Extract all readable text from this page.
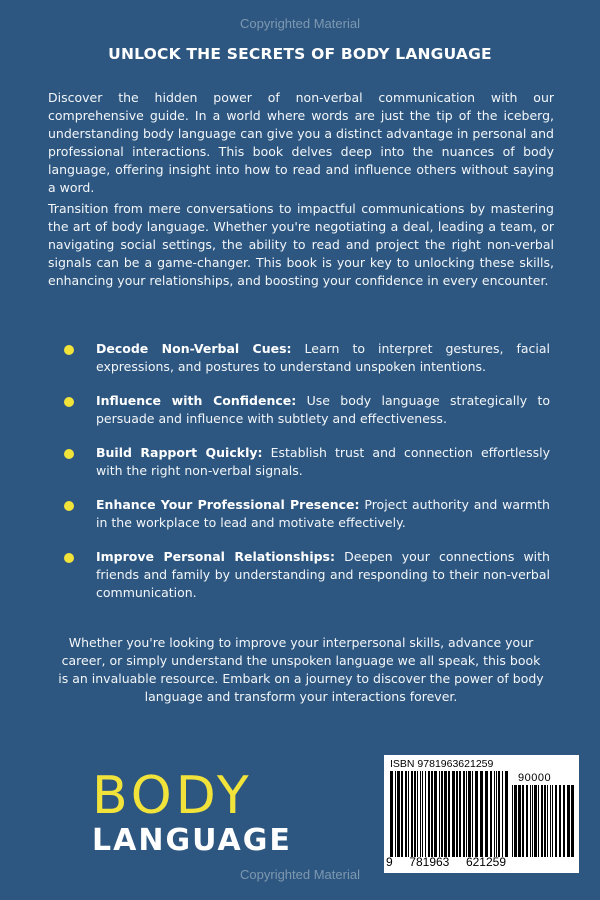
Copyrighted Material
UNLOCK THE SECRETS OF BODY LANGUAGE

Discover the hidden power of non-verbal communication with our comprehensive guide. In a world where words are just the tip of the iceberg, understanding body language can give you a distinct advantage in personal and professional interactions. This book delves deep into the nuances of body language, offering insight into how to read and influence others without saying a word.

Transition from mere conversations to impactful communications by mastering the art of body language. Whether you're negotiating a deal, leading a team, or navigating social settings, the ability to read and project the right non-verbal signals can be a game-changer. This book is your key to unlocking these skills, enhancing your relationships, and boosting your confidence in every encounter.

Decode Non-Verbal Cues: Learn to interpret gestures, facial expressions, and postures to understand unspoken intentions.
Influence with Confidence: Use body language strategically to persuade and influence with subtlety and effectiveness.
Build Rapport Quickly: Establish trust and connection effortlessly with the right non-verbal signals.
Enhance Your Professional Presence: Project authority and warmth in the workplace to lead and motivate effectively.
Improve Personal Relationships: Deepen your connections with friends and family by understanding and responding to their non-verbal communication.

Whether you're looking to improve your interpersonal skills, advance your career, or simply understand the unspoken language we all speak, this book is an invaluable resource. Embark on a journey to discover the power of body language and transform your interactions forever.

BODY
LANGUAGE
ISBN 9781963621259
90000
9 781963 621259
Copyrighted Material
